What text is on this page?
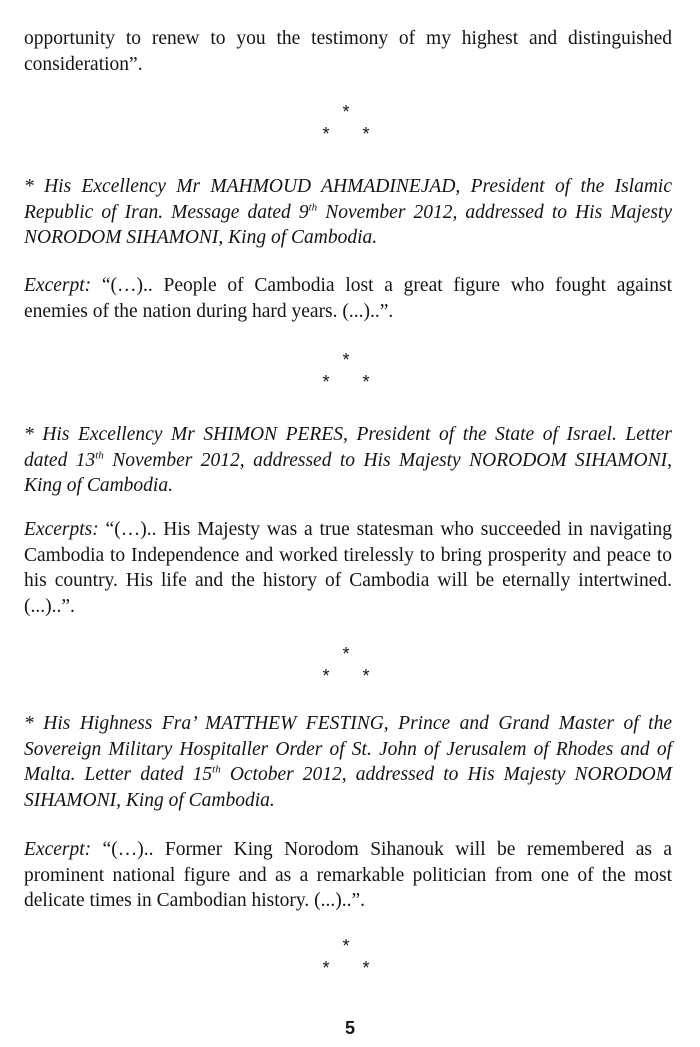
opportunity to renew to you the testimony of my highest and distinguished consideration”.
*
* *
* His Excellency Mr MAHMOUD AHMADINEJAD, President of the Islamic Republic of Iran. Message dated 9th November 2012, addressed to His Majesty NORODOM SIHAMONI, King of Cambodia.
Excerpt: “(…).. People of Cambodia lost a great figure who fought against enemies of the nation during hard years. (...)..”.
*
* *
* His Excellency Mr SHIMON PERES, President of the State of Israel. Letter dated 13th November 2012, addressed to His Majesty NORODOM SIHAMONI, King of Cambodia.
Excerpts: “(…).. His Majesty was a true statesman who succeeded in navigating Cambodia to Independence and worked tirelessly to bring prosperity and peace to his country. His life and the history of Cambodia will be eternally intertwined. (...)..”.
*
* *
* His Highness Fra’ MATTHEW FESTING, Prince and Grand Master of the Sovereign Military Hospitaller Order of St. John of Jerusalem of Rhodes and of Malta. Letter dated 15th October 2012, addressed to His Majesty NORODOM SIHAMONI, King of Cambodia.
Excerpt: “(…).. Former King Norodom Sihanouk will be remembered as a prominent national figure and as a remarkable politician from one of the most delicate times in Cambodian history. (...)..”.
*
* *
5
